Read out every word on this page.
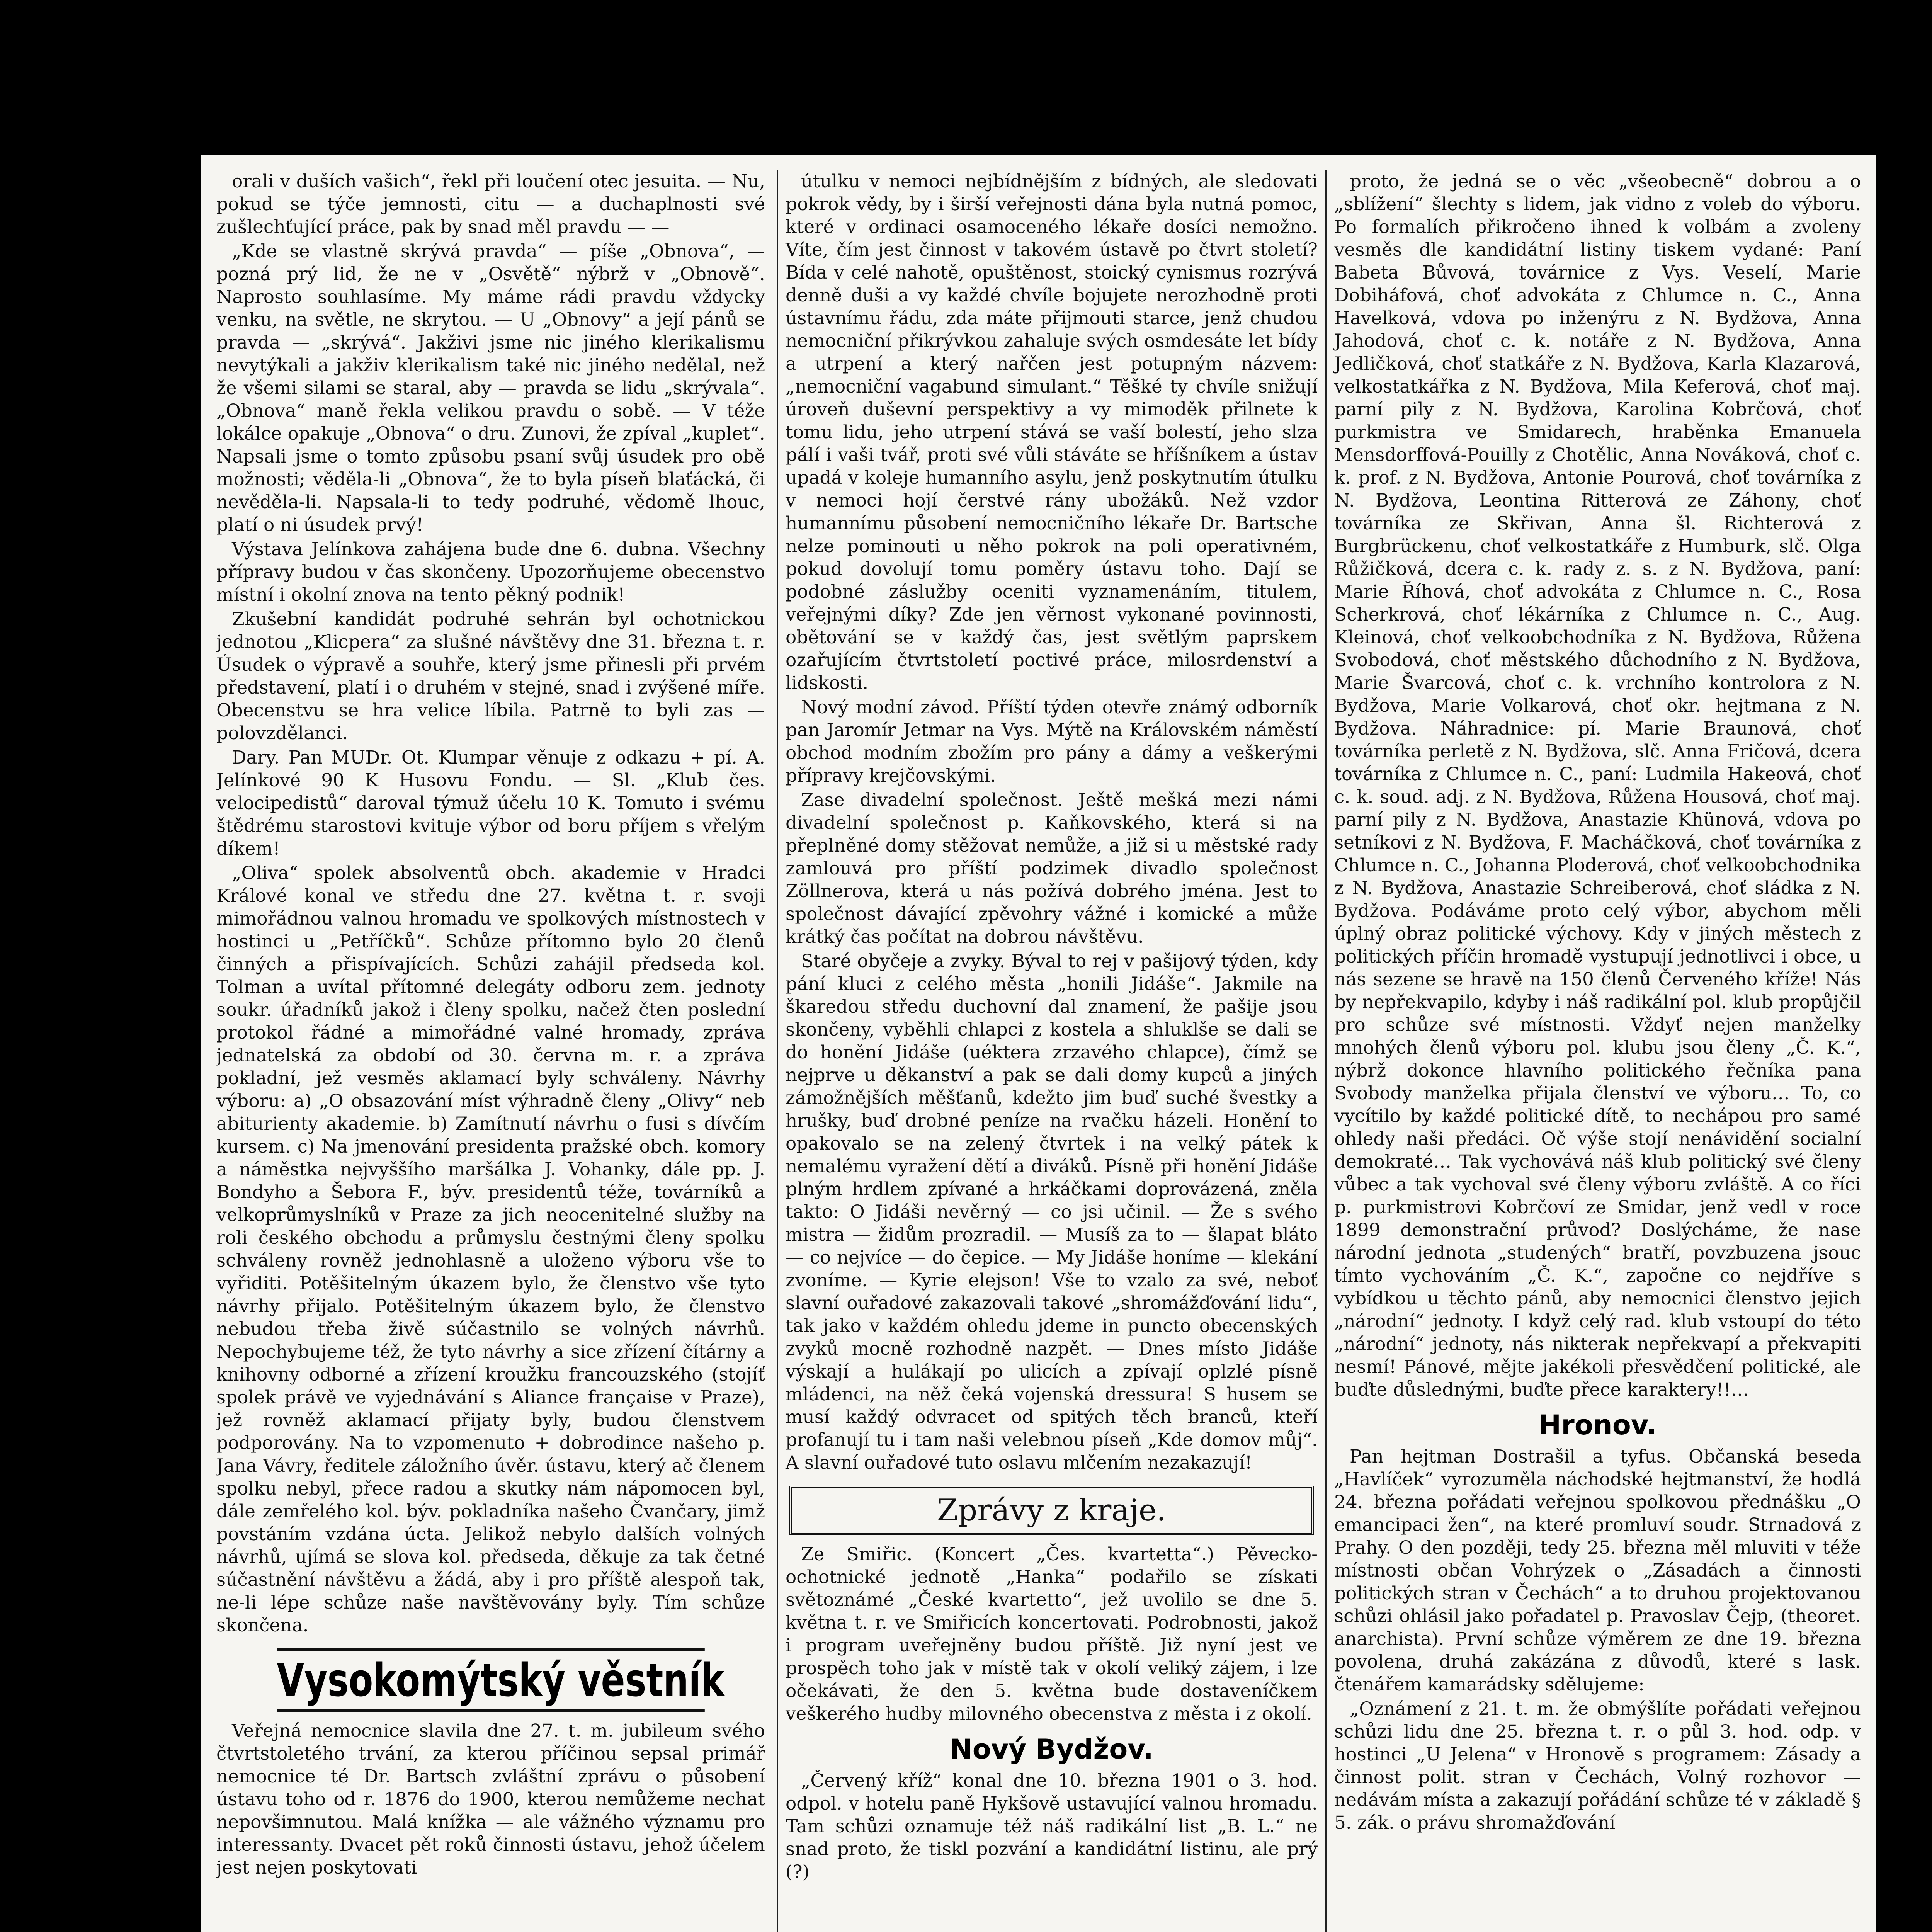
orali v duších vašich“, řekl při loučení otec jesuita. — Nu, pokud se týče jemnosti, citu — a duchaplnosti své zušlechťující práce, pak by snad měl pravdu — —

„Kde se vlastně skrývá pravda“ — píše „Obnova“, — pozná prý lid, že ne v „Osvětě“ nýbrž v „Obnově“. Naprosto souhlasíme. My máme rádi pravdu vždycky venku, na světle, ne skrytou. — U „Obnovy“ a její pánů se pravda — „skrývá“. Jakživi jsme nic jiného klerikalismu nevytýkali a jakživ klerikalism také nic jiného nedělal, než že všemi silami se staral, aby — pravda se lidu „skrývala“. „Obnova“ maně řekla velikou pravdu o sobě. — V téže lokálce opakuje „Obnova“ o dru. Zunovi, že zpíval „kuplet“. Napsali jsme o tomto způsobu psaní svůj úsudek pro obě možnosti; věděla-li „Obnova“, že to byla píseň blaťácká, či nevěděla-li. Napsala-li to tedy podruhé, vědomě lhouc, platí o ni úsudek prvý!

Výstava Jelínkova zahájena bude dne 6. dubna. Všechny přípravy budou v čas skončeny. Upozorňujeme obecenstvo místní i okolní znova na tento pěkný podnik!

Zkušební kandidát podruhé sehrán byl ochotnickou jednotou „Klicpera“ za slušné návštěvy dne 31. března t. r. Úsudek o výpravě a souhře, který jsme přinesli při prvém představení, platí i o druhém v stejné, snad i zvýšené míře. Obecenstvu se hra velice líbila. Patrně to byli zas — polovzdělanci.

Dary. Pan MUDr. Ot. Klumpar věnuje z odkazu + pí. A. Jelínkové 90 K Husovu Fondu. — Sl. „Klub čes. velocipedistů“ daroval týmuž účelu 10 K. Tomuto i svému štědrému starostovi kvituje výbor od boru příjem s vřelým díkem!

„Oliva“ spolek absolventů obch. akademie v Hradci Králové konal ve středu dne 27. května t. r. svoji mimořádnou valnou hromadu ve spolkových místnostech v hostinci u „Petříčků“. Schůze přítomno bylo 20 členů činných a přispívajících. Schůzi zahájil předseda kol. Tolman a uvítal přítomné delegáty odboru zem. jednoty soukr. úřadníků jakož i členy spolku, načež čten poslední protokol řádné a mimořádné valné hromady, zpráva jednatelská za období od 30. června m. r. a zpráva pokladní, jež vesměs aklamací byly schváleny. Návrhy výboru: a) „O obsazování míst výhradně členy „Olivy“ neb abiturienty akademie. b) Zamítnutí návrhu o fusi s dívčím kursem. c) Na jmenování presidenta pražské obch. komory a náměstka nejvyššího maršálka J. Vohanky, dále pp. J. Bondyho a Šebora F., býv. presidentů téže, továrníků a velkoprůmyslníků v Praze za jich neocenitelné služby na roli českého obchodu a průmyslu čestnými členy spolku schváleny rovněž jednohlasně a uloženo výboru vše to vyřiditi. Potěšitelným úkazem bylo, že členstvo vše tyto návrhy přijalo. Potěšitelným úkazem bylo, že členstvo nebudou třeba živě súčastnilo se volných návrhů. Nepochybujeme též, že tyto návrhy a sice zřízení čítárny a knihovny odborné a zřízení kroužku francouzského (stojíť spolek právě ve vyjednávání s Aliance française v Praze), jež rovněž aklamací přijaty byly, budou členstvem podporovány. Na to vzpomenuto + dobrodince našeho p. Jana Vávry, ředitele záložního úvěr. ústavu, který ač členem spolku nebyl, přece radou a skutky nám nápomocen byl, dále zemřelého kol. býv. pokladníka našeho Čvančary, jimž povstáním vzdána úcta. Jelikož nebylo dalších volných návrhů, ujímá se slova kol. předseda, děkuje za tak četné súčastnění návštěvu a žádá, aby i pro příště alespoň tak, ne-li lépe schůze naše navštěvovány byly. Tím schůze skončena.

Vysokomýtský věstník

Veřejná nemocnice slavila dne 27. t. m. jubileum svého čtvrtstoletého trvání, za kterou příčinou sepsal primář nemocnice té Dr. Bartsch zvláštní zprávu o působení ústavu toho od r. 1876 do 1900, kterou nemůžeme nechat nepovšimnutou. Malá knížka — ale vážného významu pro interessanty. Dvacet pět roků činnosti ústavu, jehož účelem jest nejen poskytovati

útulku v nemoci nejbídnějším z bídných, ale sledovati pokrok vědy, by i širší veřejnosti dána byla nutná pomoc, které v ordinaci osamoceného lékaře dosíci nemožno. Víte, čím jest činnost v takovém ústavě po čtvrt století? Bída v celé nahotě, opuštěnost, stoický cynismus rozrývá denně duši a vy každé chvíle bojujete nerozhodně proti ústavnímu řádu, zda máte přijmouti starce, jenž chudou nemocniční přikrývkou zahaluje svých osmdesáte let bídy a utrpení a který nařčen jest potupným názvem: „nemocniční vagabund simulant.“ Těšké ty chvíle snižují úroveň duševní perspektivy a vy mimoděk přilnete k tomu lidu, jeho utrpení stává se vaší bolestí, jeho slza pálí i vaši tvář, proti své vůli stáváte se hříšníkem a ústav upadá v koleje humanního asylu, jenž poskytnutím útulku v nemoci hojí čerstvé rány ubožáků. Než vzdor humannímu působení nemocničního lékaře Dr. Bartsche nelze pominouti u něho pokrok na poli operativném, pokud dovolují tomu poměry ústavu toho. Dají se podobné záslužby oceniti vyznamenáním, titulem, veřejnými díky? Zde jen věrnost vykonané povinnosti, obětování se v každý čas, jest světlým paprskem ozařujícím čtvrtstoletí poctivé práce, milosrdenství a lidskosti.

Nový modní závod. Příští týden otevře známý odborník pan Jaromír Jetmar na Vys. Mýtě na Královském náměstí obchod modním zbožím pro pány a dámy a veškerými přípravy krejčovskými.

Zase divadelní společnost. Ještě mešká mezi námi divadelní společnost p. Kaňkovského, která si na přeplněné domy stěžovat nemůže, a již si u městské rady zamlouvá pro příští podzimek divadlo společnost Zöllnerova, která u nás požívá dobrého jména. Jest to společnost dávající zpěvohry vážné i komické a může krátký čas počítat na dobrou návštěvu.

Staré obyčeje a zvyky. Býval to rej v pašijový týden, kdy pání kluci z celého města „honili Jidáše“. Jakmile na škaredou středu duchovní dal znamení, že pašije jsou skončeny, vyběhli chlapci z kostela a shluklše se dali se do honění Jidáše (uéktera zrzavého chlapce), čímž se nejprve u děkanství a pak se dali domy kupců a jiných zámožnějších měšťanů, kdežto jim buď suché švestky a hrušky, buď drobné peníze na rvačku házeli. Honění to opakovalo se na zelený čtvrtek i na velký pátek k nemalému vyražení dětí a diváků. Písně při honění Jidáše plným hrdlem zpívané a hrkáčkami doprovázená, zněla takto: O Jidáši nevěrný — co jsi učinil. — Že s svého mistra — židům prozradil. — Musíš za to — šlapat bláto — co nejvíce — do čepice. — My Jidáše honíme — klekání zvoníme. — Kyrie elejson! Vše to vzalo za své, neboť slavní ouřadové zakazovali takové „shromážďování lidu“, tak jako v každém ohledu jdeme in puncto obecenských zvyků mocně rozhodně nazpět. — Dnes místo Jidáše výskají a hulákají po ulicích a zpívají oplzlé písně mládenci, na něž čeká vojenská dressura! S husem se musí každý odvracet od spitých těch branců, kteří profanují tu i tam naši velebnou píseň „Kde domov můj“. A slavní ouřadové tuto oslavu mlčením nezakazují!

Zprávy z kraje.

Ze Smiřic. (Koncert „Čes. kvartetta“.) Pěvecko-ochotnické jednotě „Hanka“ podařilo se získati světoznámé „České kvartetto“, jež uvolilo se dne 5. května t. r. ve Smiřicích koncertovati. Podrobnosti, jakož i program uveřejněny budou příště. Již nyní jest ve prospěch toho jak v místě tak v okolí veliký zájem, i lze očekávati, že den 5. května bude dostaveníčkem veškerého hudby milovného obecenstva z města i z okolí.

Nový Bydžov.

„Červený kříž“ konal dne 10. března 1901 o 3. hod. odpol. v hotelu paně Hykšově ustavující valnou hromadu. Tam schůzi oznamuje též náš radikální list „B. L.“ ne snad proto, že tiskl pozvání a kandidátní listinu, ale prý (?)

proto, že jedná se o věc „všeobecně“ dobrou a o „sblížení“ šlechty s lidem, jak vidno z voleb do výboru. Po formalích přikročeno ihned k volbám a zvoleny vesměs dle kandidátní listiny tiskem vydané: Paní Babeta Bůvová, továrnice z Vys. Veselí, Marie Dobiháfová, choť advokáta z Chlumce n. C., Anna Havelková, vdova po inženýru z N. Bydžova, Anna Jahodová, choť c. k. notáře z N. Bydžova, Anna Jedličková, choť statkáře z N. Bydžova, Karla Klazarová, velkostatkářka z N. Bydžova, Mila Keferová, choť maj. parní pily z N. Bydžova, Karolina Kobrčová, choť purkmistra ve Smidarech, hraběnka Emanuela Mensdorffová-Pouilly z Chotělic, Anna Nováková, choť c. k. prof. z N. Bydžova, Antonie Pourová, choť továrníka z N. Bydžova, Leontina Ritterová ze Záhony, choť továrníka ze Skřivan, Anna šl. Richterová z Burgbrückenu, choť velkostatkáře z Humburk, slč. Olga Růžičková, dcera c. k. rady z. s. z N. Bydžova, paní: Marie Říhová, choť advokáta z Chlumce n. C., Rosa Scherkrová, choť lékárníka z Chlumce n. C., Aug. Kleinová, choť velkoobchodníka z N. Bydžova, Růžena Svobodová, choť městského důchodního z N. Bydžova, Marie Švarcová, choť c. k. vrchního kontrolora z N. Bydžova, Marie Volkarová, choť okr. hejtmana z N. Bydžova. Náhradnice: pí. Marie Braunová, choť továrníka perletě z N. Bydžova, slč. Anna Fričová, dcera továrníka z Chlumce n. C., paní: Ludmila Hakeová, choť c. k. soud. adj. z N. Bydžova, Růžena Housová, choť maj. parní pily z N. Bydžova, Anastazie Khünová, vdova po setníkovi z N. Bydžova, F. Macháčková, choť továrníka z Chlumce n. C., Johanna Ploderová, choť velkoobchodnika z N. Bydžova, Anastazie Schreiberová, choť sládka z N. Bydžova. Podáváme proto celý výbor, abychom měli úplný obraz politické výchovy. Kdy v jiných městech z politických příčin hromadě vystupují jednotlivci i obce, u nás sezene se hravě na 150 členů Červeného kříže! Nás by nepřekvapilo, kdyby i náš radikální pol. klub propůjčil pro schůze své místnosti. Vždyť nejen manželky mnohých členů výboru pol. klubu jsou členy „Č. K.“, nýbrž dokonce hlavního politického řečníka pana Svobody manželka přijala členství ve výboru… To, co vycítilo by každé politické dítě, to nechápou pro samé ohledy naši předáci. Oč výše stojí nenávidění socialní demokraté… Tak vychovává náš klub politický své členy vůbec a tak vychoval své členy výboru zvláště. A co říci p. purkmistrovi Kobrčoví ze Smidar, jenž vedl v roce 1899 demonstrační průvod? Doslýcháme, že nase národní jednota „studených“ bratří, povzbuzena jsouc tímto vychováním „Č. K.“, započne co nejdříve s vybídkou u těchto pánů, aby nemocnici členstvo jejich „národní“ jednoty. I když celý rad. klub vstoupí do této „národní“ jednoty, nás nikterak nepřekvapí a překvapiti nesmí! Pánové, mějte jakékoli přesvědčení politické, ale buďte důslednými, buďte přece karaktery!!…

Hronov.

Pan hejtman Dostrašil a tyfus. Občanská beseda „Havlíček“ vyrozuměla náchodské hejtmanství, že hodlá 24. března pořádati veřejnou spolkovou přednášku „O emancipaci žen“, na které promluví soudr. Strnadová z Prahy. O den později, tedy 25. března měl mluviti v téže místnosti občan Vohrýzek o „Zásadách a činnosti politických stran v Čechách“ a to druhou projektovanou schůzi ohlásil jako pořadatel p. Pravoslav Čejp, (theoret. anarchista). První schůze výměrem ze dne 19. března povolena, druhá zakázána z důvodů, které s lask. čtenářem kamarádsky sdělujeme:

„Oznámení z 21. t. m. že obmýšlíte pořádati veřejnou schůzi lidu dne 25. března t. r. o půl 3. hod. odp. v hostinci „U Jelena“ v Hronově s programem: Zásady a činnost polit. stran v Čechách, Volný rozhovor — nedávám místa a zakazují pořádání schůze té v základě § 5. zák. o právu shromažďování
